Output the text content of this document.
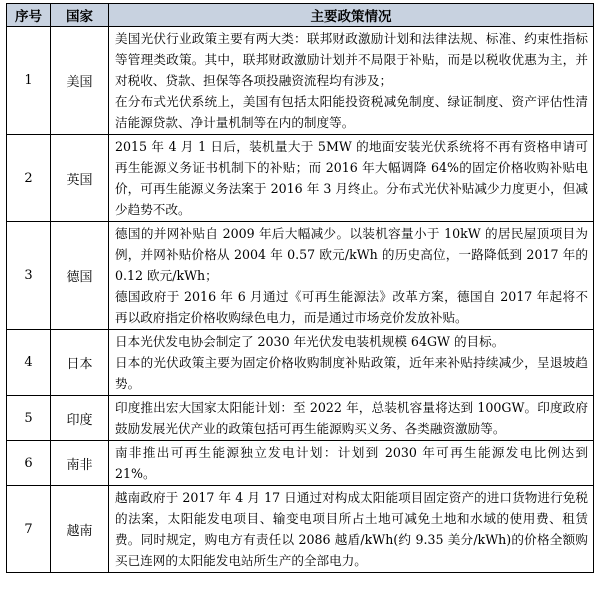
序号	国家	主要政策情况
1	美国	美国光伏行业政策主要有两大类：联邦财政激励计划和法律法规、标准、约束性指标等管理类政策。其中，联邦财政激励计划并不局限于补贴，而是以税收优惠为主，并对税收、贷款、担保等各项投融资流程均有涉及；

在分布式光伏系统上，美国有包括太阳能投资税减免制度、绿证制度、资产评估性清洁能源贷款、净计量机制等在内的制度等。

2	英国	2015 年 4 月 1 日后，装机量大于 5MW 的地面安装光伏系统将不再有资格申请可再生能源义务证书机制下的补贴；而 2016 年大幅调降 64%的固定价格收购补贴电价，可再生能源义务法案于 2016 年 3 月终止。分布式光伏补贴减少力度更小，但减少趋势不改。

3	德国	德国的并网补贴自 2009 年后大幅减少。以装机容量小于 10kW 的居民屋顶项目为例，并网补贴价格从 2004 年 0.57 欧元/kWh 的历史高位，一路降低到 2017 年的 0.12 欧元/kWh；

德国政府于 2016 年 6 月通过《可再生能源法》改革方案，德国自 2017 年起将不再以政府指定价格收购绿色电力，而是通过市场竞价发放补贴。

4	日本	日本光伏发电协会制定了 2030 年光伏发电装机规模 64GW 的目标。

日本的光伏政策主要为固定价格收购制度补贴政策，近年来补贴持续减少，呈退坡趋势。

5	印度	印度推出宏大国家太阳能计划：至 2022 年，总装机容量将达到 100GW。印度政府鼓励发展光伏产业的政策包括可再生能源购买义务、各类融资激励等。

6	南非	南非推出可再生能源独立发电计划：计划到 2030 年可再生能源发电比例达到 21%。

7	越南	越南政府于 2017 年 4 月 17 日通过对构成太阳能项目固定资产的进口货物进行免税的法案，太阳能发电项目、输变电项目所占土地可减免土地和水域的使用费、租赁费。同时规定，购电方有责任以 2086 越盾/kWh(约 9.35 美分/kWh)的价格全额购买已连网的太阳能发电站所生产的全部电力。
